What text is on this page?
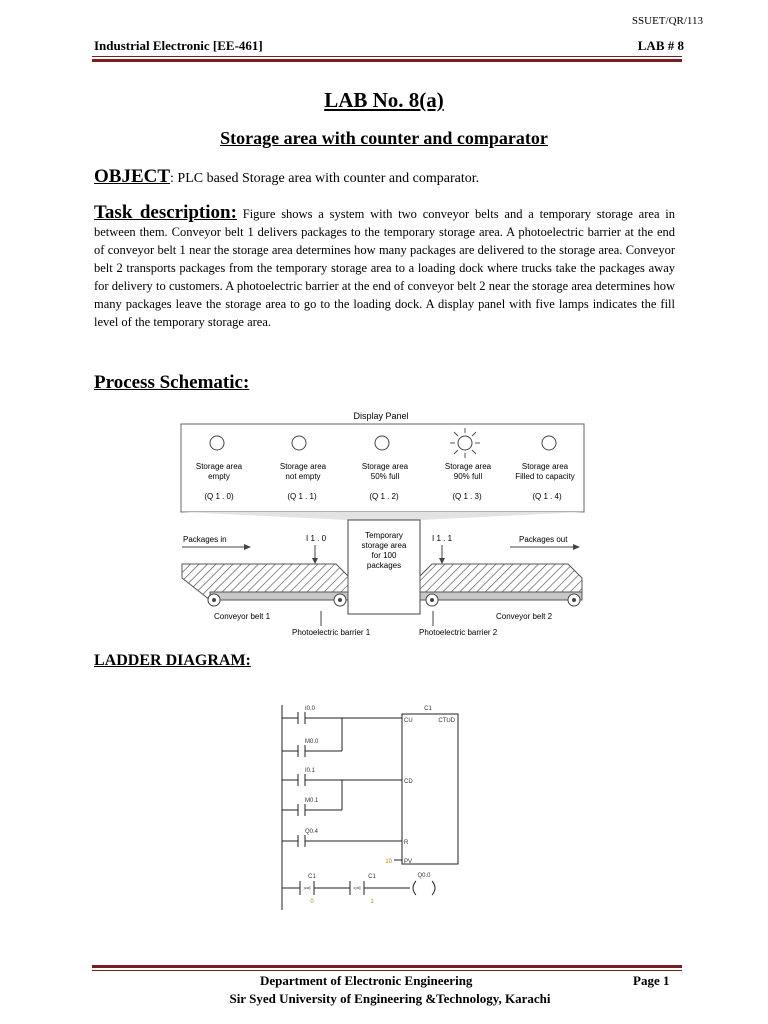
SSUET/QR/113
Industrial Electronic [EE-461]	LAB # 8
LAB No. 8(a)
Storage area with counter and comparator
OBJECT: PLC based Storage area with counter and comparator.
Task description: Figure shows a system with two conveyor belts and a temporary storage area in between them. Conveyor belt 1 delivers packages to the temporary storage area. A photoelectric barrier at the end of conveyor belt 1 near the storage area determines how many packages are delivered to the storage area. Conveyor belt 2 transports packages from the temporary storage area to a loading dock where trucks take the packages away for delivery to customers. A photoelectric barrier at the end of conveyor belt 2 near the storage area determines how many packages leave the storage area to go to the loading dock. A display panel with five lamps indicates the fill level of the temporary storage area.
Process Schematic:
Display Panel
Storage area
empty
(Q 1 . 0)
Storage area
not empty
(Q 1 . 1)
Storage area
50% full
(Q 1 . 2)
Storage area
90% full
(Q 1 . 3)
Storage area
Filled to capacity
(Q 1 . 4)
Temporary
storage area
for 100
packages
Packages in	Packages out
I 1 . 0	I 1 . 1
Conveyor belt 1	Conveyor belt 2
Photoelectric barrier 1	Photoelectric barrier 2
LADDER DIAGRAM:
C1
CTUD
CU
CD
R
PV
10
I0.0
M0.0
I0.1
M0.1
Q0.4
C1
>=I
0
C1
<=I
1
Q0.0
Department of Electronic Engineering	Page 1
Sir Syed University of Engineering &Technology, Karachi
